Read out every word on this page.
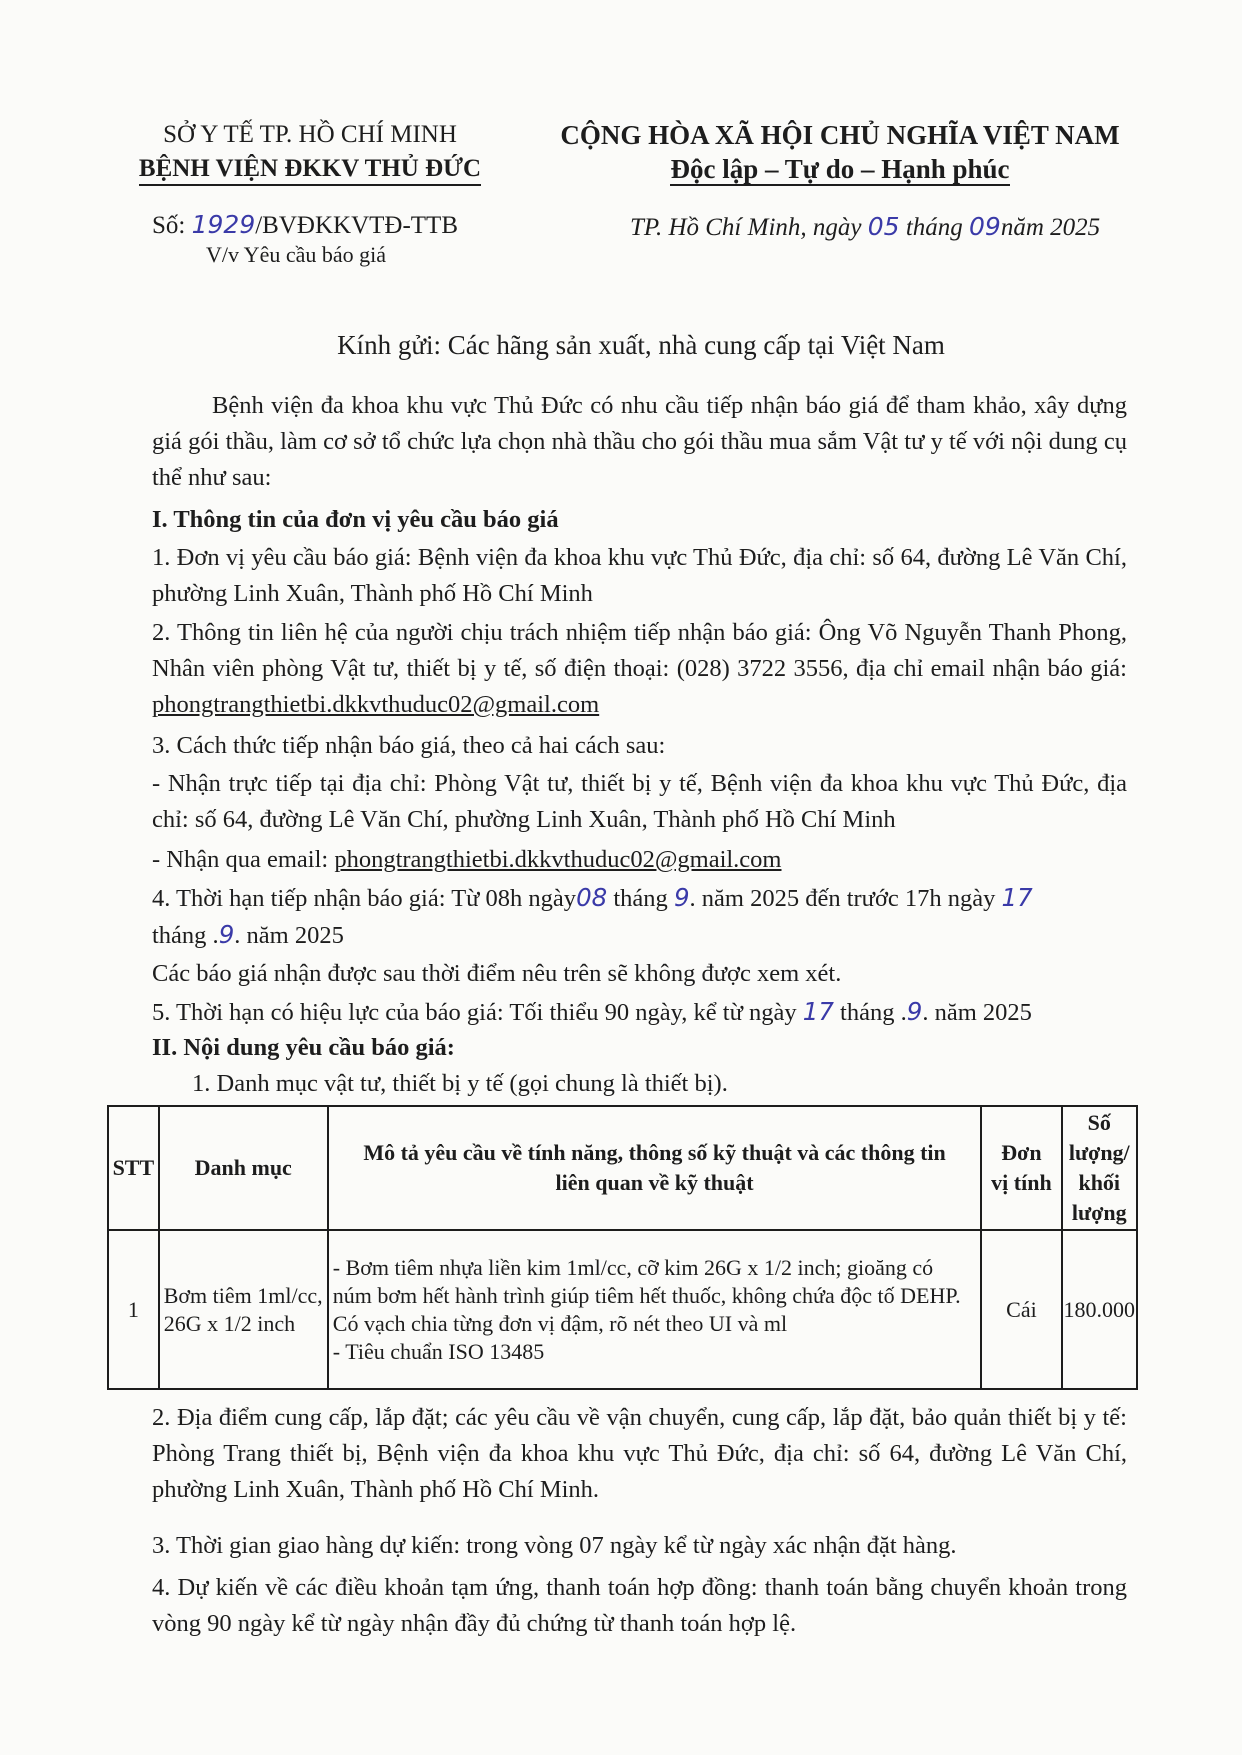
SỞ Y TẾ TP. HỒ CHÍ MINH
BỆNH VIỆN ĐKKV THỦ ĐỨC
CỘNG HÒA XÃ HỘI CHỦ NGHĨA VIỆT NAM
Độc lập – Tự do – Hạnh phúc
Số: 1929/BVĐKKVTĐ-TTB
V/v Yêu cầu báo giá
TP. Hồ Chí Minh, ngày 05 tháng 09năm 2025
Kính gửi: Các hãng sản xuất, nhà cung cấp tại Việt Nam
Bệnh viện đa khoa khu vực Thủ Đức có nhu cầu tiếp nhận báo giá để tham khảo, xây dựng giá gói thầu, làm cơ sở tổ chức lựa chọn nhà thầu cho gói thầu mua sắm Vật tư y tế với nội dung cụ thể như sau:
I. Thông tin của đơn vị yêu cầu báo giá
1. Đơn vị yêu cầu báo giá: Bệnh viện đa khoa khu vực Thủ Đức, địa chỉ: số 64, đường Lê Văn Chí, phường Linh Xuân, Thành phố Hồ Chí Minh
2. Thông tin liên hệ của người chịu trách nhiệm tiếp nhận báo giá: Ông Võ Nguyễn Thanh Phong, Nhân viên phòng Vật tư, thiết bị y tế, số điện thoại: (028) 3722 3556, địa chỉ email nhận báo giá: phongtrangthietbi.dkkvthuduc02@gmail.com
3. Cách thức tiếp nhận báo giá, theo cả hai cách sau:
- Nhận trực tiếp tại địa chỉ: Phòng Vật tư, thiết bị y tế, Bệnh viện đa khoa khu vực Thủ Đức, địa chỉ: số 64, đường Lê Văn Chí, phường Linh Xuân, Thành phố Hồ Chí Minh
- Nhận qua email: phongtrangthietbi.dkkvthuduc02@gmail.com
4. Thời hạn tiếp nhận báo giá: Từ 08h ngày08 tháng 9. năm 2025 đến trước 17h ngày 17
tháng .9. năm 2025
Các báo giá nhận được sau thời điểm nêu trên sẽ không được xem xét.
5. Thời hạn có hiệu lực của báo giá: Tối thiểu 90 ngày, kể từ ngày 17 tháng .9. năm 2025
II. Nội dung yêu cầu báo giá:
1. Danh mục vật tư, thiết bị y tế (gọi chung là thiết bị).
STT	Danh mục	Mô tả yêu cầu về tính năng, thông số kỹ thuật và các thông tin liên quan về kỹ thuật	Đơn
vị tính	Số lượng/
khối lượng
1	Bơm tiêm 1ml/cc, 26G x 1/2 inch	- Bơm tiêm nhựa liền kim 1ml/cc, cỡ kim 26G x 1/2 inch; gioăng có núm bơm hết hành trình giúp tiêm hết thuốc, không chứa độc tố DEHP. Có vạch chia từng đơn vị đậm, rõ nét theo UI và ml
- Tiêu chuẩn ISO 13485	Cái	180.000
2. Địa điểm cung cấp, lắp đặt; các yêu cầu về vận chuyển, cung cấp, lắp đặt, bảo quản thiết bị y tế: Phòng Trang thiết bị, Bệnh viện đa khoa khu vực Thủ Đức, địa chỉ: số 64, đường Lê Văn Chí, phường Linh Xuân, Thành phố Hồ Chí Minh.
3. Thời gian giao hàng dự kiến: trong vòng 07 ngày kể từ ngày xác nhận đặt hàng.
4. Dự kiến về các điều khoản tạm ứng, thanh toán hợp đồng: thanh toán bằng chuyển khoản trong vòng 90 ngày kể từ ngày nhận đầy đủ chứng từ thanh toán hợp lệ.
